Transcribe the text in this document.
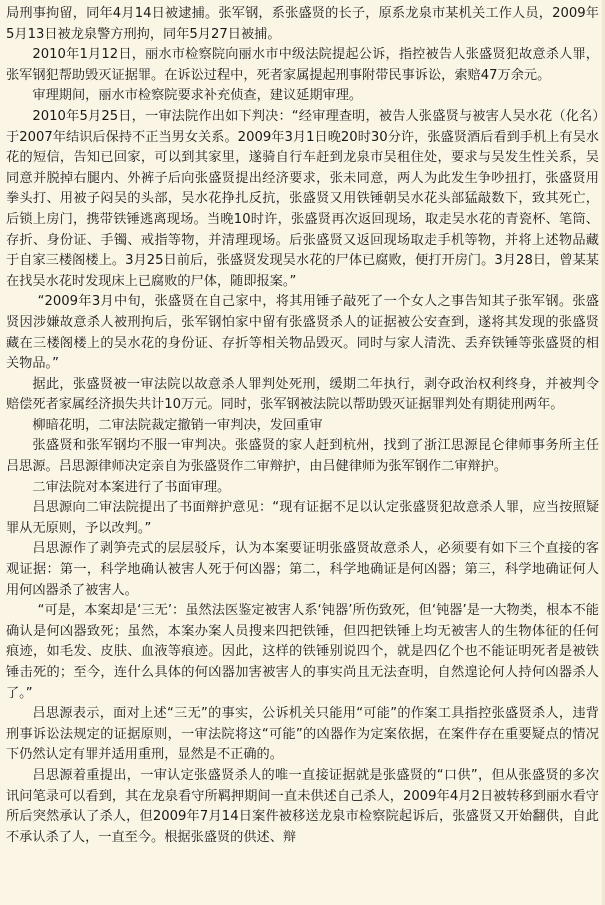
局刑事拘留，同年4月14日被逮捕。张军钢，系张盛贤的长子，原系龙泉市某机关工作人员，2009年5月13日被龙泉警方刑拘，同年5月27日被捕。

2010年1月12日，丽水市检察院向丽水市中级法院提起公诉，指控被告人张盛贤犯故意杀人罪，张军钢犯帮助毁灭证据罪。在诉讼过程中，死者家属提起刑事附带民事诉讼，索赔47万余元。

审理期间，丽水市检察院要求补充侦查，建议延期审理。

2010年5月25日，一审法院作出如下判决：“经审理查明，被告人张盛贤与被害人吴水花（化名）于2007年结识后保持不正当男女关系。2009年3月1日晚20时30分许，张盛贤酒后看到手机上有吴水花的短信，告知已回家，可以到其家里，遂骑自行车赶到龙泉市吴租住处，要求与吴发生性关系，吴同意并脱掉右腿内、外裤子后向张盛贤提出经济要求，张未同意，两人为此发生争吵扭打，张盛贤用拳头打、用被子闷吴的头部，吴水花挣扎反抗，张盛贤又用铁锤朝吴水花头部猛敲数下，致其死亡，后锁上房门，携带铁锤逃离现场。当晚10时许，张盛贤再次返回现场，取走吴水花的青瓷杯、笔筒、存折、身份证、手镯、戒指等物，并清理现场。后张盛贤又返回现场取走手机等物，并将上述物品藏于自家三楼阁楼上。3月25日前后，张盛贤发现吴水花的尸体已腐败，便打开房门。3月28日，曾某某在找吴水花时发现床上已腐败的尸体，随即报案。”

“2009年3月中旬，张盛贤在自己家中，将其用锤子敲死了一个女人之事告知其子张军钢。张盛贤因涉嫌故意杀人被刑拘后，张军钢怕家中留有张盛贤杀人的证据被公安查到，遂将其发现的张盛贤藏在三楼阁楼上的吴水花的身份证、存折等相关物品毁灭。同时与家人清洗、丢弃铁锤等张盛贤的相关物品。”

据此，张盛贤被一审法院以故意杀人罪判处死刑，缓期二年执行，剥夺政治权利终身，并被判令赔偿死者家属经济损失共计10万元。同时，张军钢被法院以帮助毁灭证据罪判处有期徒刑两年。

柳暗花明，二审法院裁定撤销一审判决，发回重审

张盛贤和张军钢均不服一审判决。张盛贤的家人赶到杭州，找到了浙江思源昆仑律师事务所主任吕思源。吕思源律师决定亲自为张盛贤作二审辩护，由吕健律师为张军钢作二审辩护。

二审法院对本案进行了书面审理。

吕思源向二审法院提出了书面辩护意见：“现有证据不足以认定张盛贤犯故意杀人罪，应当按照疑罪从无原则，予以改判。”

吕思源作了剥笋壳式的层层驳斥，认为本案要证明张盛贤故意杀人，必须要有如下三个直接的客观证据：第一，科学地确认被害人死于何凶器；第二，科学地确证是何凶器；第三，科学地确证何人用何凶器杀了被害人。

“可是，本案却是‘三无’：虽然法医鉴定被害人系‘钝器’所伤致死，但‘钝器’是一大物类，根本不能确认是何凶器致死；虽然，本案办案人员搜来四把铁锤，但四把铁锤上均无被害人的生物体征的任何痕迹，如毛发、皮肤、血液等痕迹。因此，这样的铁锤别说四个，就是四亿个也不能证明死者是被铁锤击死的；至今，连什么具体的何凶器加害被害人的事实尚且无法查明，自然遑论何人持何凶器杀人了。”

吕思源表示，面对上述“三无”的事实，公诉机关只能用“可能”的作案工具指控张盛贤杀人，违背刑事诉讼法规定的证据原则，一审法院将这“可能”的凶器作为定案依据，在案件存在重要疑点的情况下仍然认定有罪并适用重刑，显然是不正确的。

吕思源着重提出，一审认定张盛贤杀人的唯一直接证据就是张盛贤的“口供”，但从张盛贤的多次讯问笔录可以看到，其在龙泉看守所羁押期间一直未供述自己杀人，2009年4月2日被转移到丽水看守所后突然承认了杀人，但2009年7月14日案件被移送龙泉市检察院起诉后，张盛贤又开始翻供，自此不承认杀了人，一直至今。根据张盛贤的供述、辩
